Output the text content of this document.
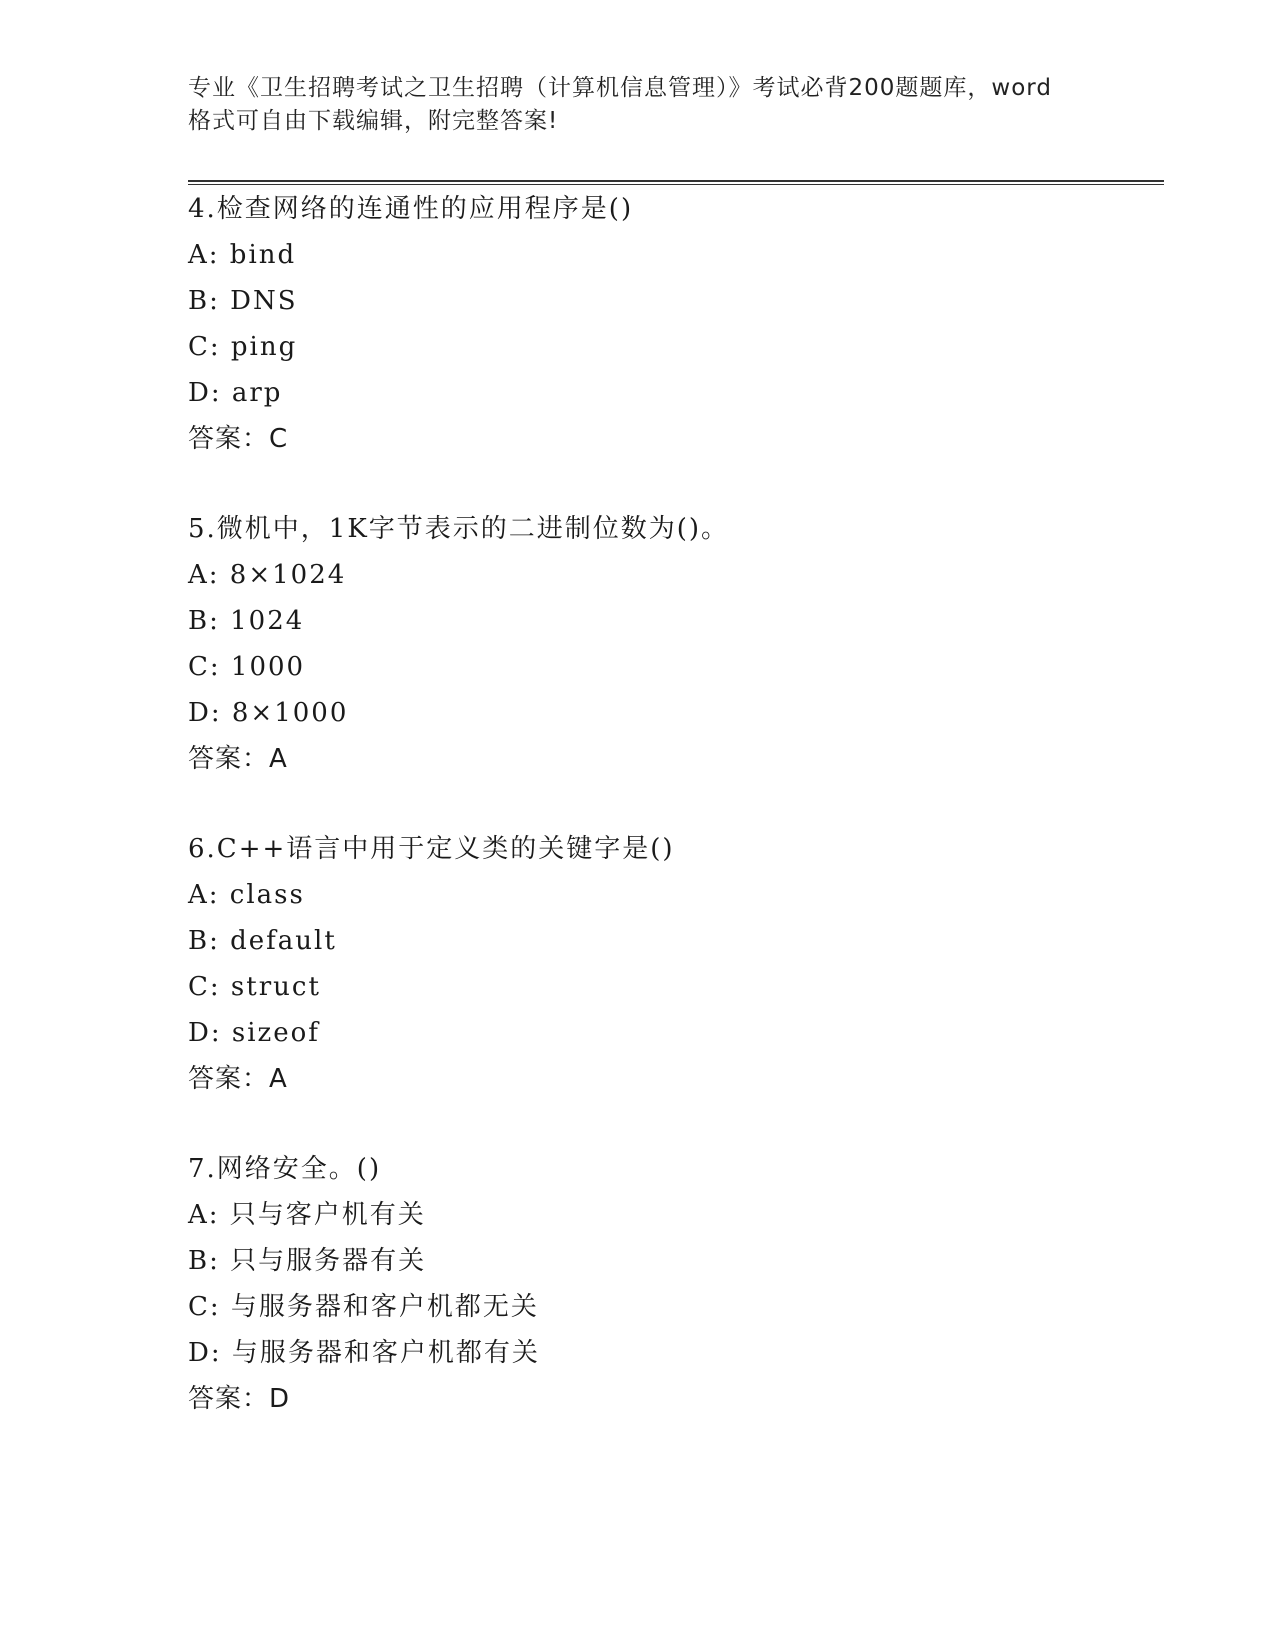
专业《卫生招聘考试之卫生招聘（计算机信息管理）》考试必背200题题库，word
格式可自由下载编辑，附完整答案!
4.检查网络的连通性的应用程序是()
A: bind
B: DNS
C: ping
D: arp
答案：C
5.微机中，1K字节表示的二进制位数为()。
A: 8×1024
B: 1024
C: 1000
D: 8×1000
答案：A
6.C++语言中用于定义类的关键字是()
A: class
B: default
C: struct
D: sizeof
答案：A
7.网络安全。()
A: 只与客户机有关
B: 只与服务器有关
C: 与服务器和客户机都无关
D: 与服务器和客户机都有关
答案：D
